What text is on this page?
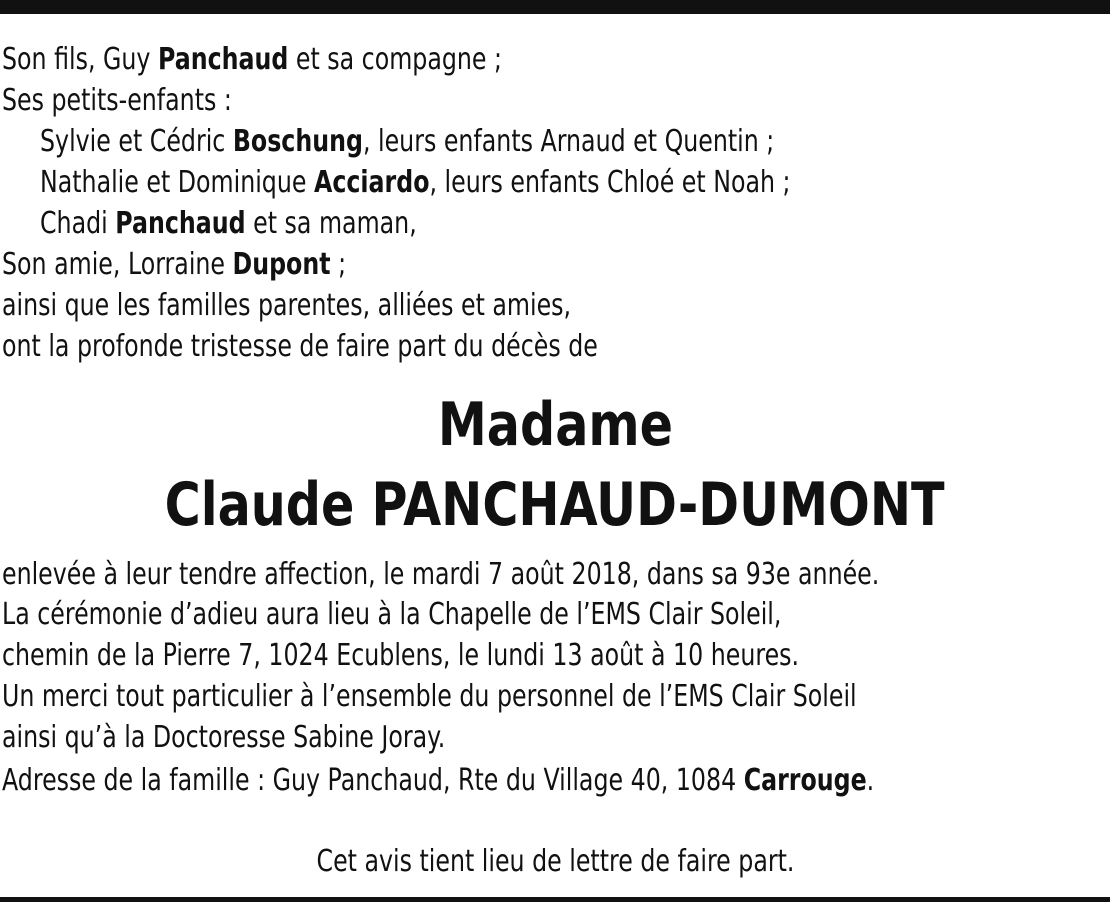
Son fils, Guy Panchaud et sa compagne ;
Ses petits-enfants :
Sylvie et Cédric Boschung, leurs enfants Arnaud et Quentin ;
Nathalie et Dominique Acciardo, leurs enfants Chloé et Noah ;
Chadi Panchaud et sa maman,
Son amie, Lorraine Dupont ;
ainsi que les familles parentes, alliées et amies,
ont la profonde tristesse de faire part du décès de
Madame
Claude PANCHAUD-DUMONT
enlevée à leur tendre affection, le mardi 7 août 2018, dans sa 93e année.
La cérémonie d’adieu aura lieu à la Chapelle de l’EMS Clair Soleil,
chemin de la Pierre 7, 1024 Ecublens, le lundi 13 août à 10 heures.
Un merci tout particulier à l’ensemble du personnel de l’EMS Clair Soleil
ainsi qu’à la Doctoresse Sabine Joray.
Adresse de la famille : Guy Panchaud, Rte du Village 40, 1084 Carrouge.
Cet avis tient lieu de lettre de faire part.
